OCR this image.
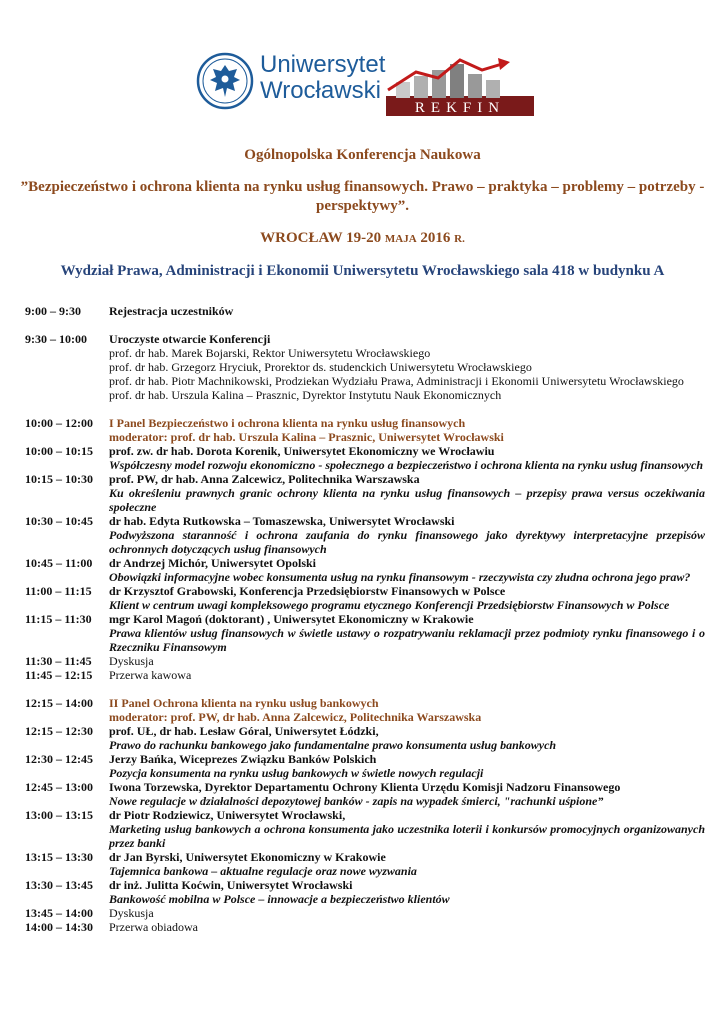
Uniwersytet
Wrocławski
REKFIN
Ogólnopolska Konferencja Naukowa
”Bezpieczeństwo i ochrona klienta na rynku usług finansowych. Prawo – praktyka – problemy – potrzeby - perspektywy”.
WROCŁAW 19-20 MAJA 2016 R.
Wydział Prawa, Administracji i Ekonomii Uniwersytetu Wrocławskiego sala 418 w budynku A
9:00 – 9:30	Rejestracja uczestników
9:30 – 10:00	Uroczyste otwarcie Konferencji
prof. dr hab. Marek Bojarski, Rektor Uniwersytetu Wrocławskiego
prof. dr hab. Grzegorz Hryciuk, Prorektor ds. studenckich Uniwersytetu Wrocławskiego
prof. dr hab. Piotr Machnikowski, Prodziekan Wydziału Prawa, Administracji i Ekonomii Uniwersytetu Wrocławskiego
prof. dr hab. Urszula Kalina – Prasznic, Dyrektor Instytutu Nauk Ekonomicznych
10:00 – 12:00	I Panel Bezpieczeństwo i ochrona klienta na rynku usług finansowych
moderator: prof. dr hab. Urszula Kalina – Prasznic, Uniwersytet Wrocławski
10:00 – 10:15	prof. zw. dr hab. Dorota Korenik, Uniwersytet Ekonomiczny we Wrocławiu
Współczesny model rozwoju ekonomiczno - społecznego a bezpieczeństwo i ochrona klienta na rynku usług finansowych
10:15 – 10:30	prof. PW, dr hab. Anna Zalcewicz, Politechnika Warszawska
Ku określeniu prawnych granic ochrony klienta na rynku usług finansowych – przepisy prawa versus oczekiwania społeczne
10:30 – 10:45	dr hab. Edyta Rutkowska – Tomaszewska, Uniwersytet Wrocławski
Podwyższona staranność i ochrona zaufania do rynku finansowego jako dyrektywy interpretacyjne przepisów ochronnych dotyczących usług finansowych
10:45 – 11:00	dr Andrzej Michór, Uniwersytet Opolski
Obowiązki informacyjne wobec konsumenta usług na rynku finansowym - rzeczywista czy złudna ochrona jego praw?
11:00 – 11:15	dr Krzysztof Grabowski, Konferencja Przedsiębiorstw Finansowych w Polsce
Klient w centrum uwagi kompleksowego programu etycznego Konferencji Przedsiębiorstw Finansowych w Polsce
11:15 – 11:30	mgr Karol Magoń (doktorant) , Uniwersytet Ekonomiczny w Krakowie
Prawa klientów usług finansowych w świetle ustawy o rozpatrywaniu reklamacji przez podmioty rynku finansowego i o Rzeczniku Finansowym
11:30 – 11:45	Dyskusja
11:45 – 12:15	Przerwa kawowa
12:15 – 14:00	II Panel Ochrona klienta na rynku usług bankowych
moderator: prof. PW, dr hab. Anna Zalcewicz, Politechnika Warszawska
12:15 – 12:30	prof. UŁ, dr hab. Lesław Góral, Uniwersytet Łódzki,
Prawo do rachunku bankowego jako fundamentalne prawo konsumenta usług bankowych
12:30 – 12:45	Jerzy Bańka, Wiceprezes Związku Banków Polskich
Pozycja konsumenta na rynku usług bankowych w świetle nowych regulacji
12:45 – 13:00	Iwona Torzewska, Dyrektor Departamentu Ochrony Klienta Urzędu Komisji Nadzoru Finansowego
Nowe regulacje w działalności depozytowej banków - zapis na wypadek śmierci, "rachunki uśpione”
13:00 – 13:15	dr Piotr Rodziewicz, Uniwersytet Wrocławski,
Marketing usług bankowych a ochrona konsumenta jako uczestnika loterii i konkursów promocyjnych organizowanych przez banki
13:15 – 13:30	dr Jan Byrski, Uniwersytet Ekonomiczny w Krakowie
Tajemnica bankowa – aktualne regulacje oraz nowe wyzwania
13:30 – 13:45	dr inż. Julitta Koćwin, Uniwersytet Wrocławski
Bankowość mobilna w Polsce – innowacje a bezpieczeństwo klientów
13:45 – 14:00	Dyskusja
14:00 – 14:30	Przerwa obiadowa
